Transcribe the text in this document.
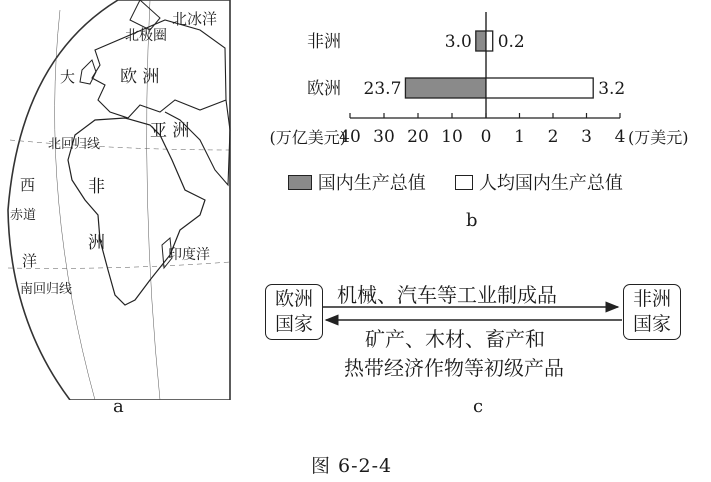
北冰洋
北极圈
欧 洲
大
亚 洲
北回归线
西	非
赤道
洲
印度洋
洋
南回归线
a
40 30 20 10 0 1 2 3 4
(万亿美元)	(万美元)
非洲	3.0 0.2
欧洲 23.7	3.2
国内生产总值	人均国内生产总值
b
欧洲
国家
非洲
国家
机械、汽车等工业制成品
矿产、木材、畜产和
热带经济作物等初级产品
c
图 6-2-4
